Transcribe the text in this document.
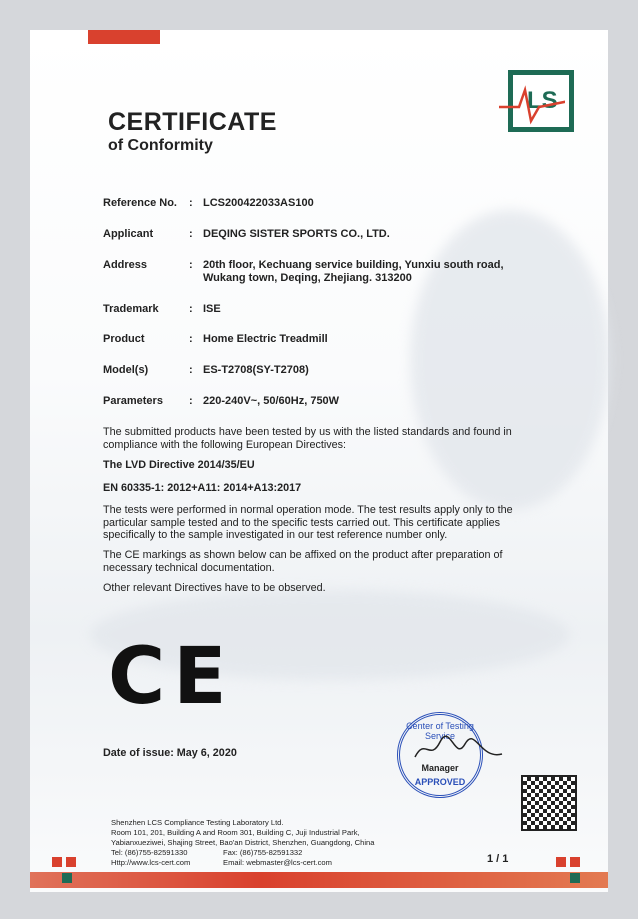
LS
CERTIFICATE
of Conformity
Reference No.	: LCS200422033AS100
Applicant	: DEQING SISTER SPORTS CO., LTD.
Address	: 20th floor, Kechuang service building, Yunxiu south road, Wukang town, Deqing, Zhejiang. 313200
Trademark	: ISE
Product	: Home Electric Treadmill
Model(s)	: ES-T2708(SY-T2708)
Parameters	: 220-240V~, 50/60Hz, 750W
The submitted products have been tested by us with the listed standards and found in compliance with the following European Directives:
The LVD Directive 2014/35/EU
EN 60335-1: 2012+A11: 2014+A13:2017
The tests were performed in normal operation mode. The test results apply only to the particular sample tested and to the specific tests carried out. This certificate applies specifically to the sample investigated in our test reference number only.
The CE markings as shown below can be affixed on the product after preparation of necessary technical documentation.
Other relevant Directives have to be observed.
CE
Date of issue: May 6, 2020
Center of Testing Service
Manager
APPROVED
Shenzhen LCS Compliance Testing Laboratory Ltd.
Room 101, 201, Building A and Room 301, Building C, Juji Industrial Park,
Yabianxueziwei, Shajing Street, Bao'an District, Shenzhen, Guangdong, China
Tel: (86)755-82591330	Fax: (86)755-82591332
Http://www.lcs-cert.com	Email: webmaster@lcs-cert.com	1 / 1
